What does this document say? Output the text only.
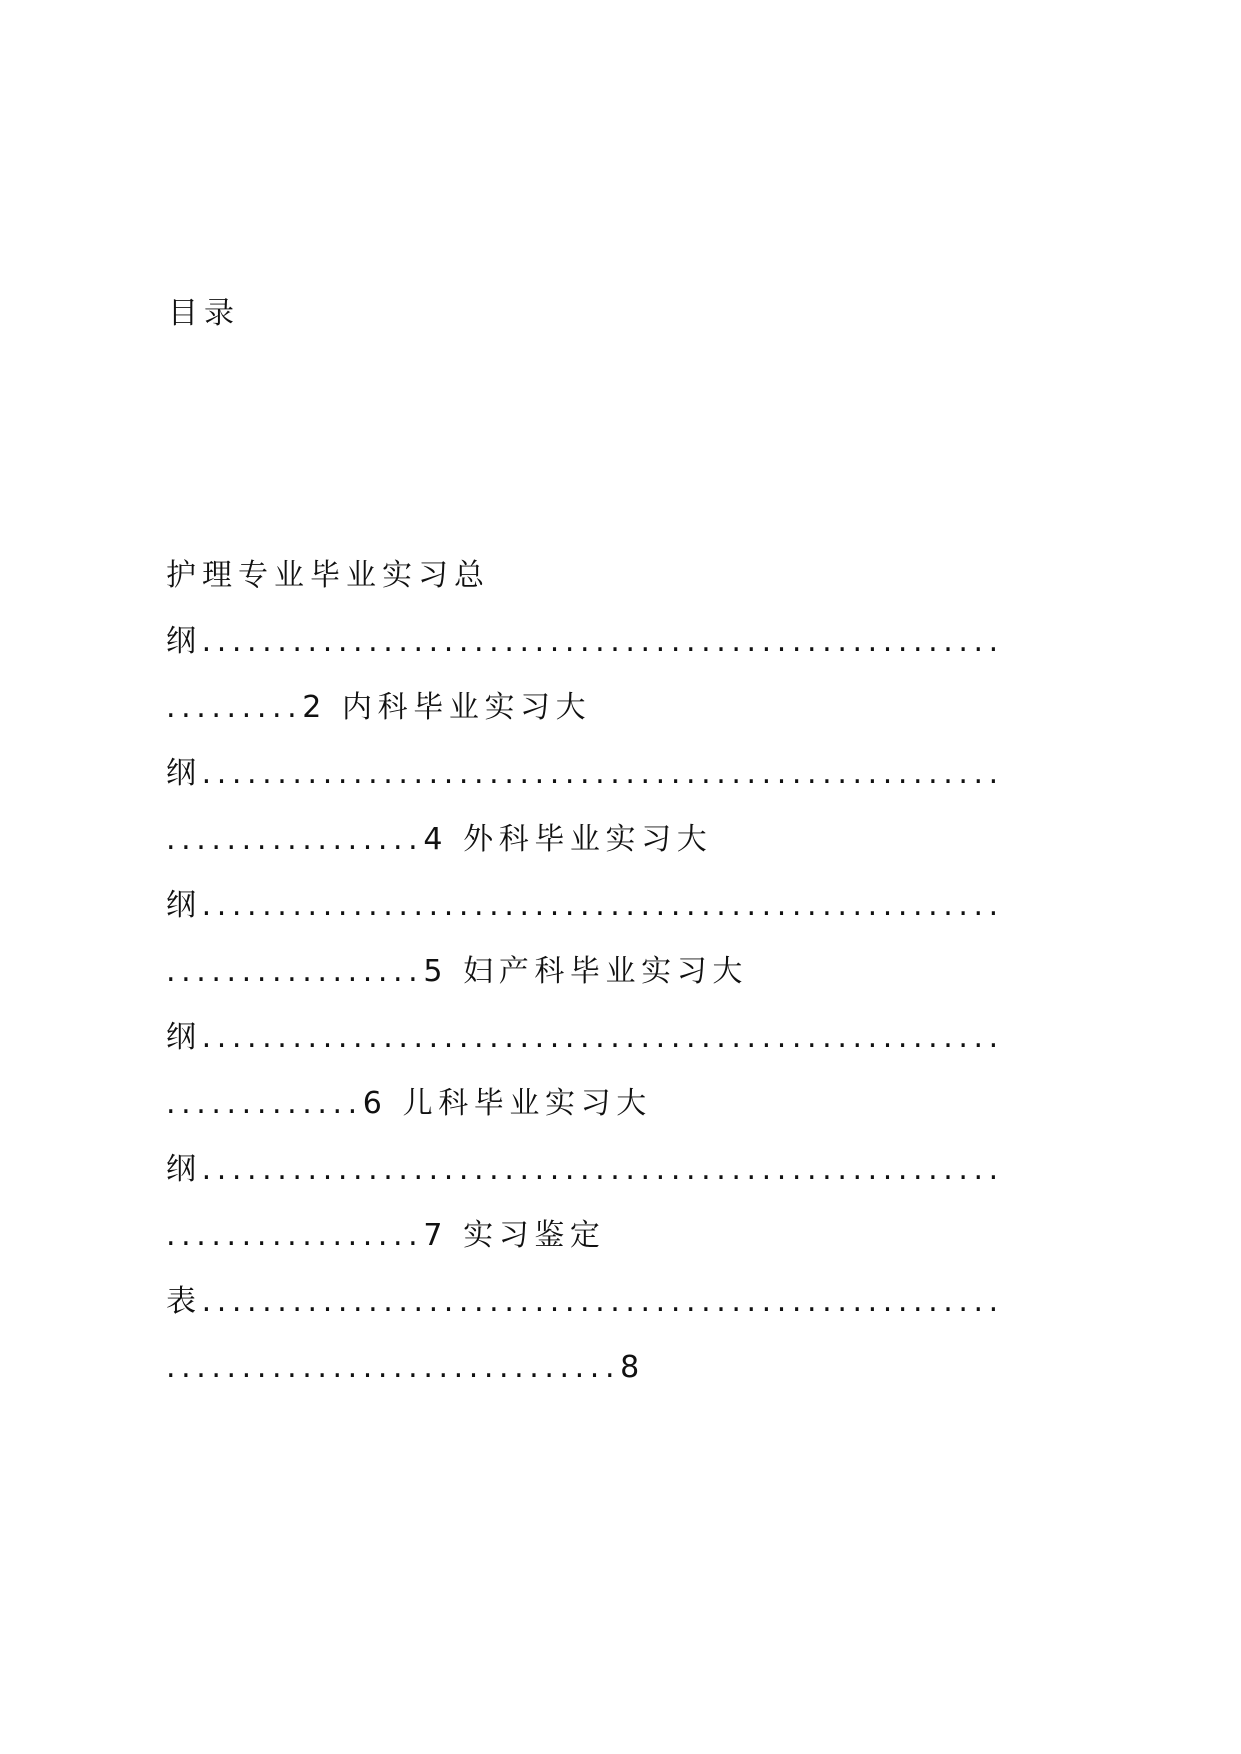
目录
护理专业毕业实习总
纲.....................................................
.........2 内科毕业实习大
纲.....................................................
.................4 外科毕业实习大
纲.....................................................
.................5 妇产科毕业实习大
纲.....................................................
.............6 儿科毕业实习大
纲.....................................................
.................7 实习鉴定
表.....................................................
..............................8
